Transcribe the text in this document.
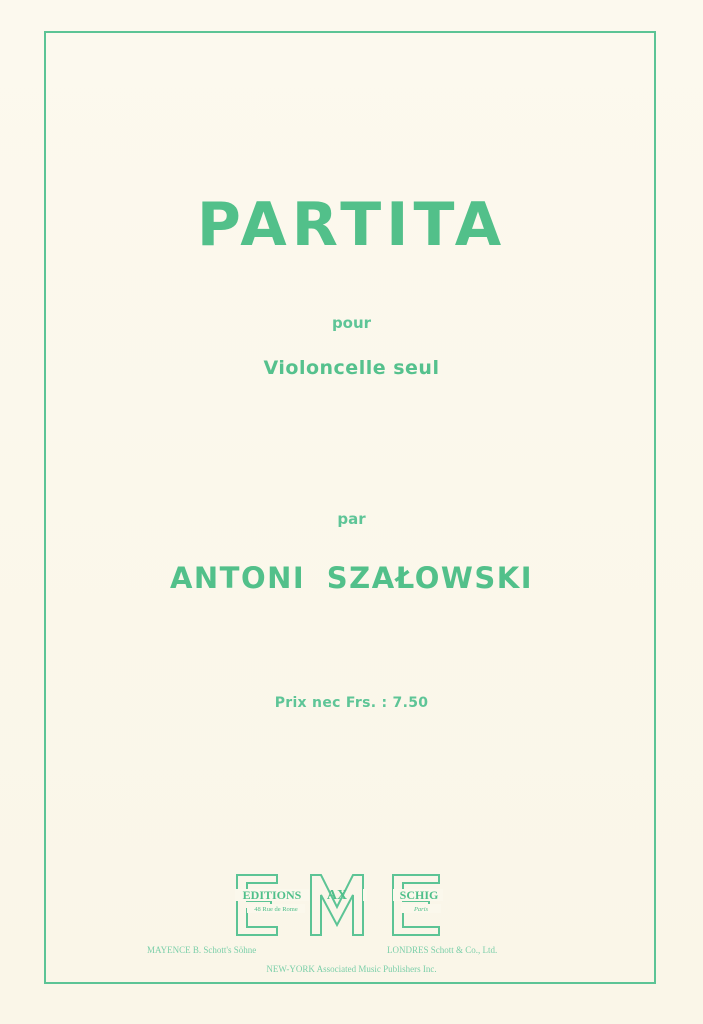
PARTITA
pour
Violoncelle seul
par
ANTONI SZAŁOWSKI
Prix nec Frs. : 7.50
EDITIONS AX	SCHIG
48 Rue de Rome	Paris
MAYENCE B. Schott's Söhne	LONDRES Schott & Co., Ltd.
NEW-YORK Associated Music Publishers Inc.
